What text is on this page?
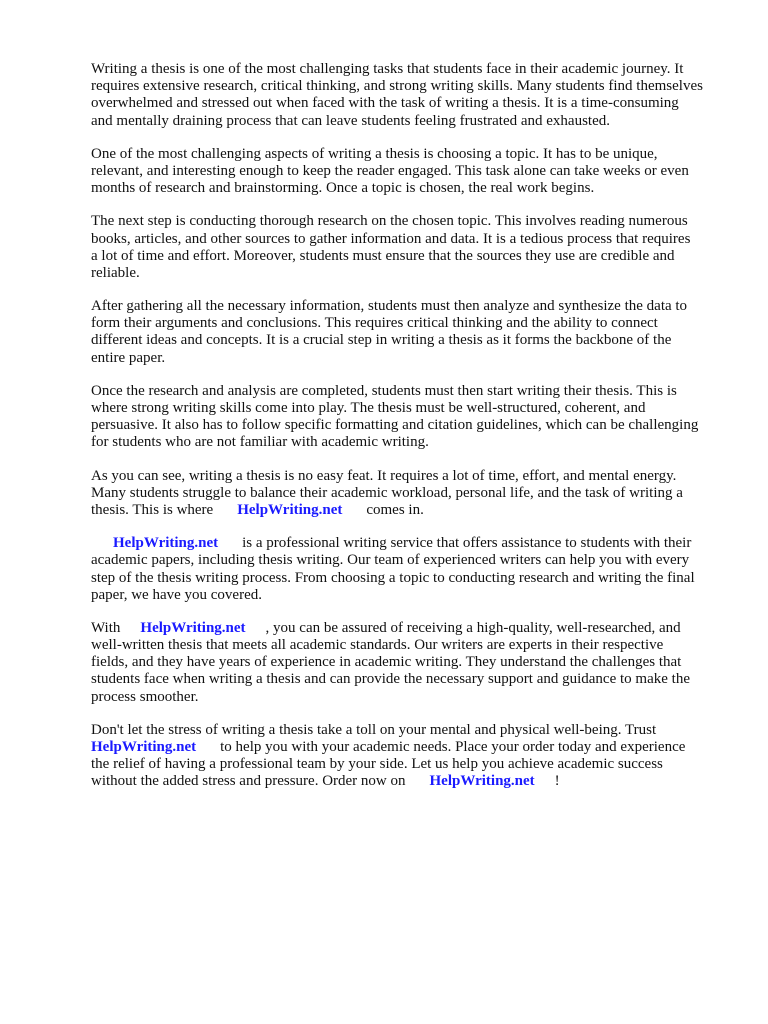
Writing a thesis is one of the most challenging tasks that students face in their academic journey. It
requires extensive research, critical thinking, and strong writing skills. Many students find themselves
overwhelmed and stressed out when faced with the task of writing a thesis. It is a time-consuming
and mentally draining process that can leave students feeling frustrated and exhausted.

One of the most challenging aspects of writing a thesis is choosing a topic. It has to be unique,
relevant, and interesting enough to keep the reader engaged. This task alone can take weeks or even
months of research and brainstorming. Once a topic is chosen, the real work begins.

The next step is conducting thorough research on the chosen topic. This involves reading numerous
books, articles, and other sources to gather information and data. It is a tedious process that requires
a lot of time and effort. Moreover, students must ensure that the sources they use are credible and
reliable.

After gathering all the necessary information, students must then analyze and synthesize the data to
form their arguments and conclusions. This requires critical thinking and the ability to connect
different ideas and concepts. It is a crucial step in writing a thesis as it forms the backbone of the
entire paper.

Once the research and analysis are completed, students must then start writing their thesis. This is
where strong writing skills come into play. The thesis must be well-structured, coherent, and
persuasive. It also has to follow specific formatting and citation guidelines, which can be challenging
for students who are not familiar with academic writing.

As you can see, writing a thesis is no easy feat. It requires a lot of time, effort, and mental energy.
Many students struggle to balance their academic workload, personal life, and the task of writing a
thesis. This is where HelpWriting.net comes in.

HelpWriting.net is a professional writing service that offers assistance to students with their
academic papers, including thesis writing. Our team of experienced writers can help you with every
step of the thesis writing process. From choosing a topic to conducting research and writing the final
paper, we have you covered.

With HelpWriting.net , you can be assured of receiving a high-quality, well-researched, and
well-written thesis that meets all academic standards. Our writers are experts in their respective
fields, and they have years of experience in academic writing. They understand the challenges that
students face when writing a thesis and can provide the necessary support and guidance to make the
process smoother.

Don't let the stress of writing a thesis take a toll on your mental and physical well-being. Trust
HelpWriting.net to help you with your academic needs. Place your order today and experience
the relief of having a professional team by your side. Let us help you achieve academic success
without the added stress and pressure. Order now on HelpWriting.net !
